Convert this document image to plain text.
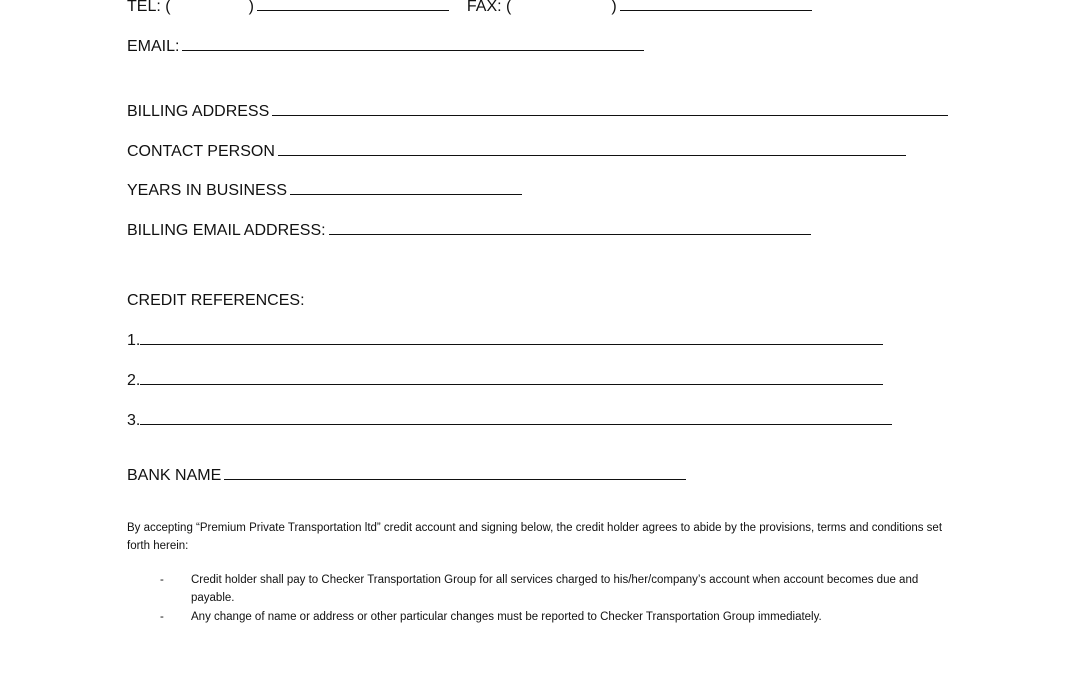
TEL: (	)	FAX: (	)
EMAIL:
BILLING ADDRESS
CONTACT PERSON
YEARS IN BUSINESS
BILLING EMAIL ADDRESS:
CREDIT REFERENCES:
1.
2.
3.
BANK NAME
By accepting “Premium Private Transportation ltd” credit account and signing below, the credit holder agrees to abide by the provisions, terms and conditions set forth herein:
- Credit holder shall pay to Checker Transportation Group for all services charged to his/her/company’s account when account becomes due and payable.
- Any change of name or address or other particular changes must be reported to Checker Transportation Group immediately.
